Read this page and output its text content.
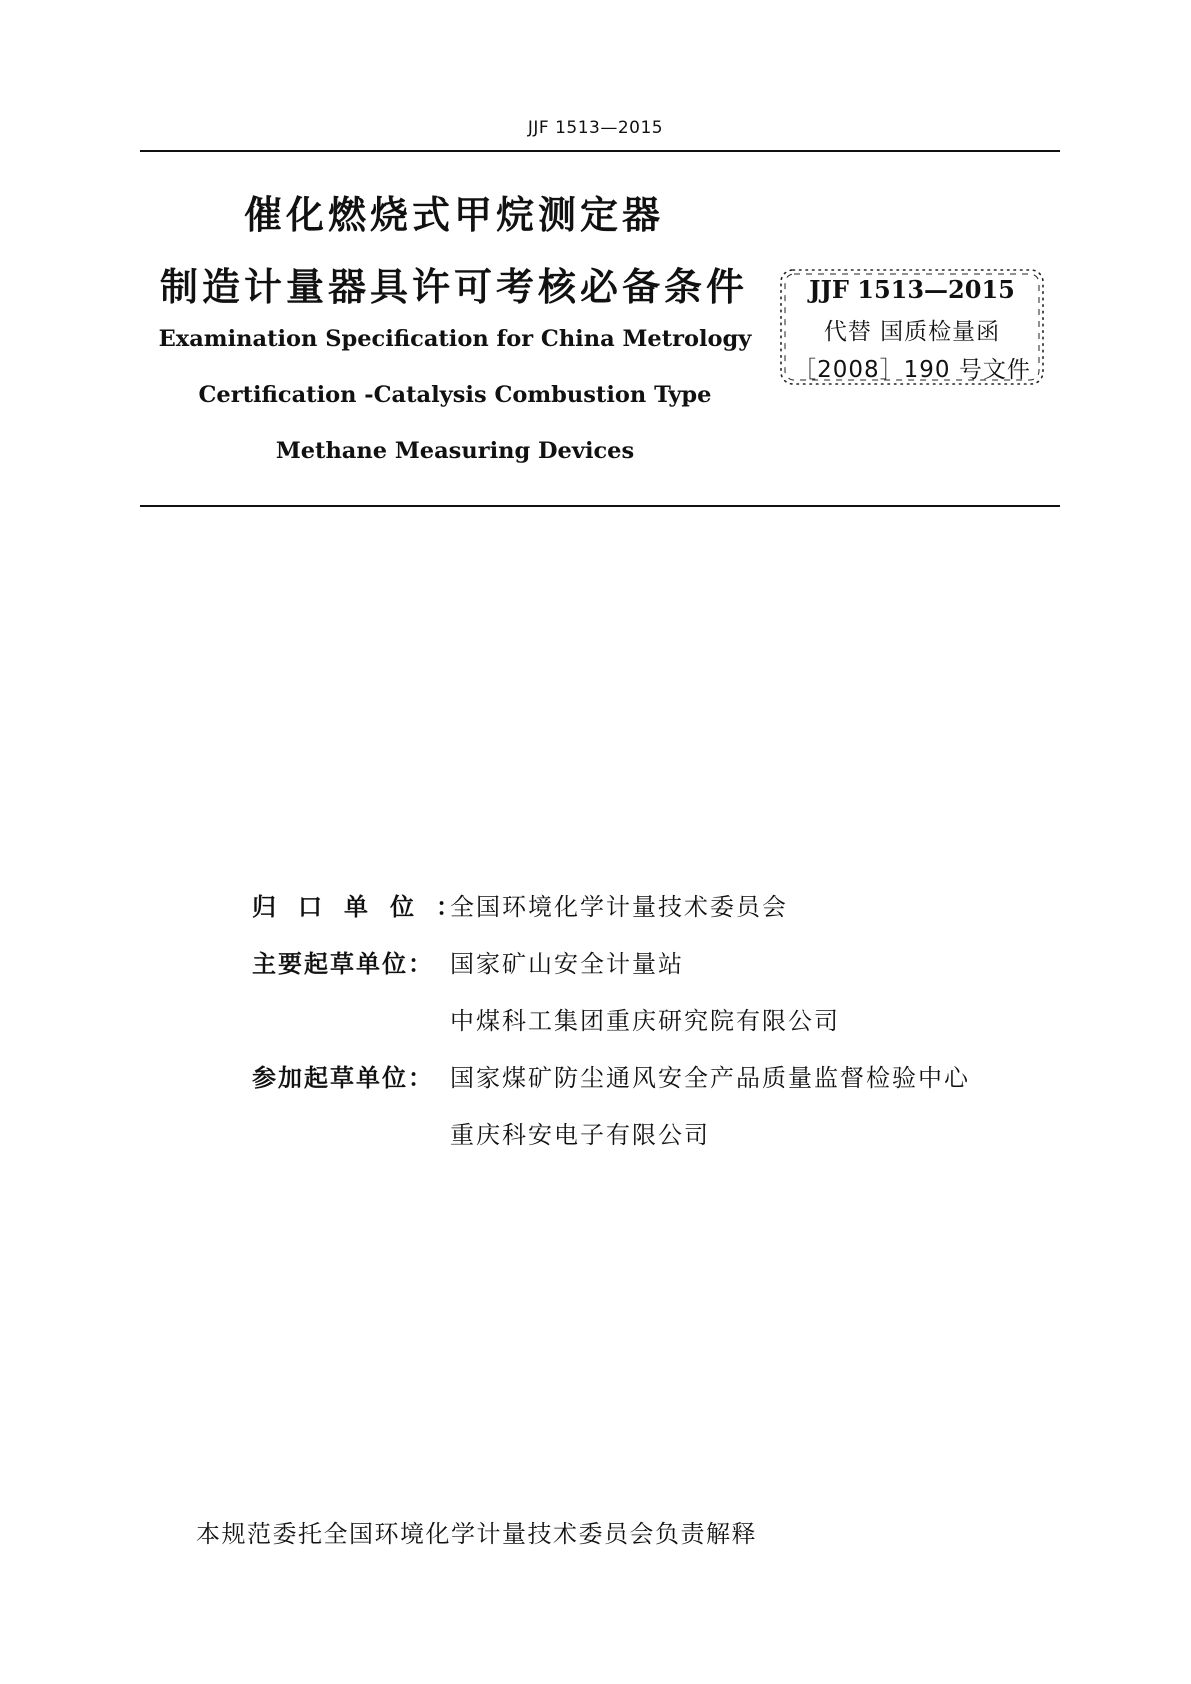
JJF 1513—2015
催化燃烧式甲烷测定器
制造计量器具许可考核必备条件
Examination Specification for China Metrology
Certification -Catalysis Combustion Type
Methane Measuring Devices
JJF 1513—2015
代替 国质检量函
［2008］190 号文件
归口单位：
全国环境化学计量技术委员会
主要起草单位： 国家矿山安全计量站
中煤科工集团重庆研究院有限公司
参加起草单位： 国家煤矿防尘通风安全产品质量监督检验中心
重庆科安电子有限公司
本规范委托全国环境化学计量技术委员会负责解释
